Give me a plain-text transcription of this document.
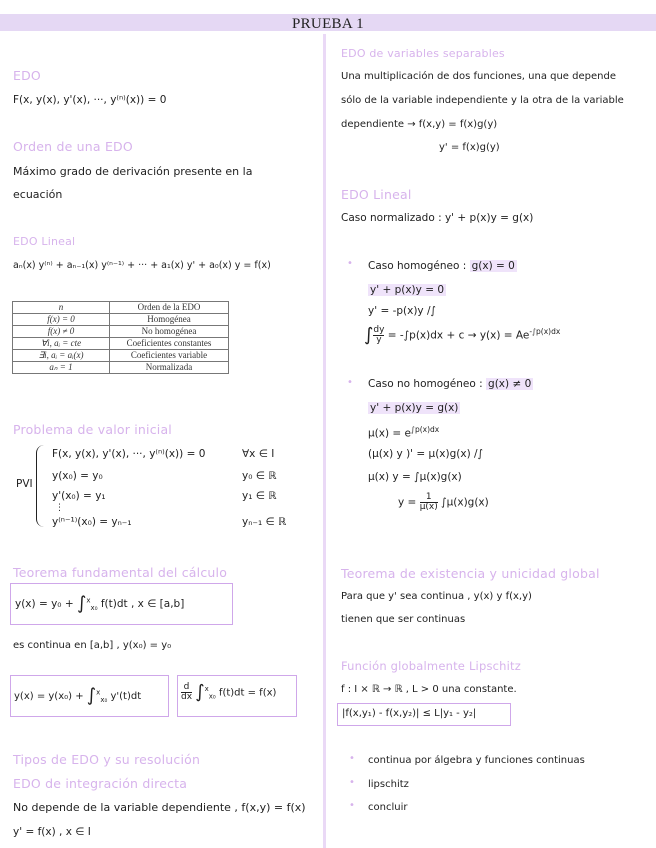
PRUEBA 1
EDO
F(x, y(x), y'(x), ···, y⁽ⁿ⁾(x)) = 0
Orden de una EDO
Máximo grado de derivación presente en la
ecuación
EDO Lineal
aₙ(x) y⁽ⁿ⁾ + aₙ₋₁(x) y⁽ⁿ⁻¹⁾ + ··· + a₁(x) y' + a₀(x) y = f(x)
n	Orden de la EDO
f(x) = 0	Homogénea
f(x) ≠ 0	No homogénea
∀i, aᵢ = cte	Coeficientes constantes
∃i, aᵢ = aᵢ(x)	Coeficientes variable
aₙ = 1	Normalizada
Problema de valor inicial
PVI
F(x, y(x), y'(x), ···, y⁽ⁿ⁾(x)) = 0	∀x ∈ I
y(x₀) = y₀	y₀ ∈ ℝ
y'(x₀) = y₁	y₁ ∈ ℝ
⋮
y⁽ⁿ⁻¹⁾(x₀) = yₙ₋₁	yₙ₋₁ ∈ ℝ
Teorema fundamental del cálculo
y(x) = y₀ + ∫$^x_{x_0}$ f(t)dt , x ∈ [a,b]
es continua en [a,b] , y(x₀) = y₀
y(x) = y(x₀) + ∫$^x_{x_0}$ y'(t)dt	$\frac{d}{dx} \int^x_{x_0}$ f(t)dt = f(x)
Tipos de EDO y su resolución
EDO de integración directa
No depende de la variable dependiente , f(x,y) = f(x)
y' = f(x) , x ∈ I
EDO de variables separables
Una multiplicación de dos funciones, una que depende
sólo de la variable independiente y la otra de la variable
dependiente → f(x,y) = f(x)g(y)
y' = f(x)g(y)
EDO Lineal
Caso normalizado : y' + p(x)y = g(x)
• Caso homogéneo : g(x) = 0
y' + p(x)y = 0
y' = -p(x)y /∫
∫ $\frac{dy}{y} = -\int p(x)dx + c \to y(x) = Ae^{-\int p(x)dx}$
• Caso no homogéneo : g(x) ≠ 0
y' + p(x)y = g(x)
$\mu(x) = e^{\int p(x)dx}$
(μ(x) y )' = μ(x)g(x) /∫
μ(x) y = ∫μ(x)g(x)
$y = \frac{1}{\mu(x)} \int\mu(x)g(x)$
Teorema de existencia y unicidad global
Para que y' sea continua , y(x) y f(x,y)
tienen que ser continuas
Función globalmente Lipschitz
f : I × ℝ → ℝ , L > 0 una constante.
|f(x,y₁) - f(x,y₂)| ≤ L|y₁ - y₂|
• continua por álgebra y funciones continuas
• lipschitz
• concluir
